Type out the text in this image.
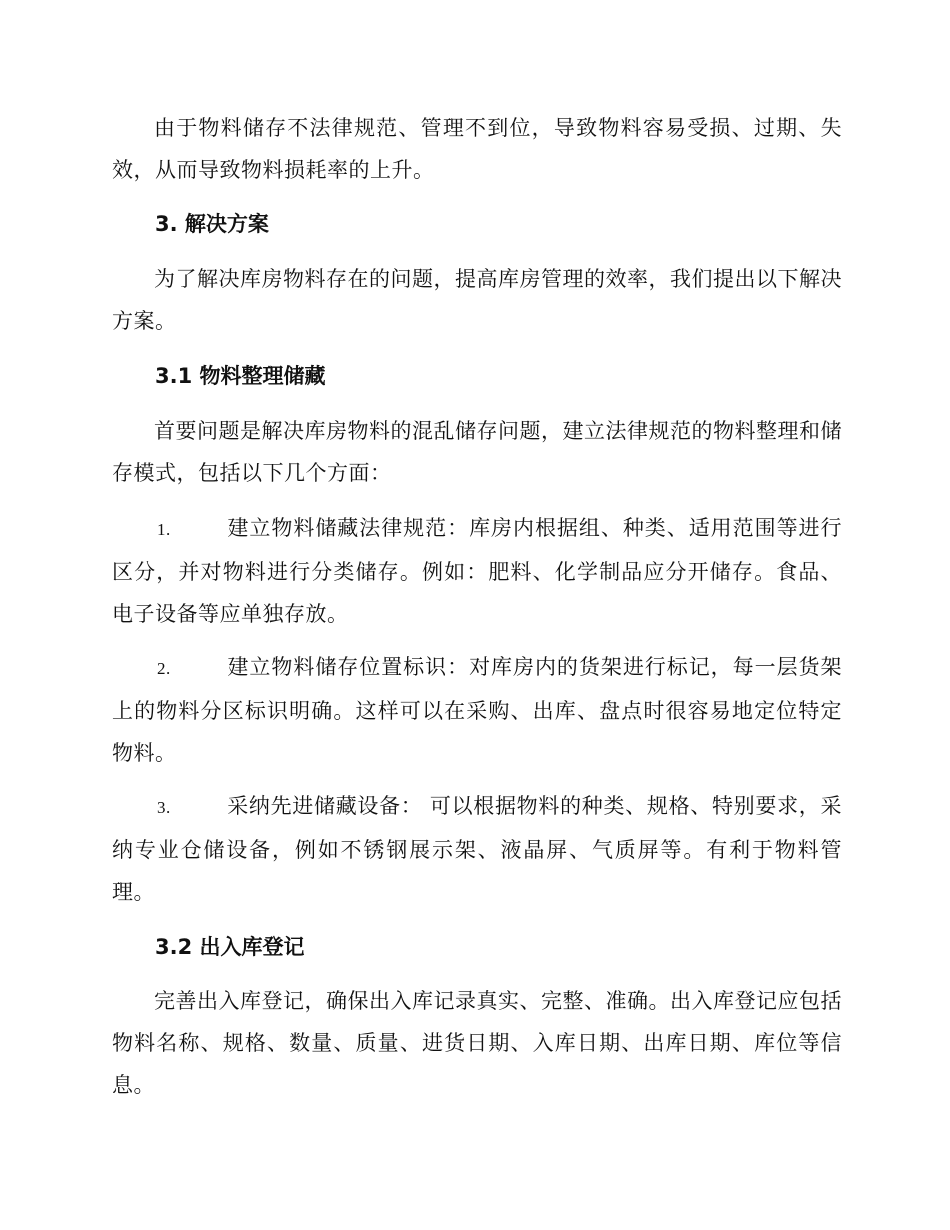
由于物料储存不法律规范、管理不到位，导致物料容易受损、过期、失效，从而导致物料损耗率的上升。

3. 解决方案

为了解决库房物料存在的问题，提高库房管理的效率，我们提出以下解决方案。

3.1 物料整理储藏

首要问题是解决库房物料的混乱储存问题，建立法律规范的物料整理和储存模式，包括以下几个方面：

1.	建立物料储藏法律规范：库房内根据组、种类、适用范围等进行区分，并对物料进行分类储存。例如：肥料、化学制品应分开储存。食品、电子设备等应单独存放。
2.	建立物料储存位置标识：对库房内的货架进行标记，每一层货架上的物料分区标识明确。这样可以在采购、出库、盘点时很容易地定位特定物料。
3.	采纳先进储藏设备： 可以根据物料的种类、规格、特别要求，采纳专业仓储设备，例如不锈钢展示架、液晶屏、气质屏等。有利于物料管理。
3.2 出入库登记

完善出入库登记，确保出入库记录真实、完整、准确。出入库登记应包括物料名称、规格、数量、质量、进货日期、入库日期、出库日期、库位等信息。
